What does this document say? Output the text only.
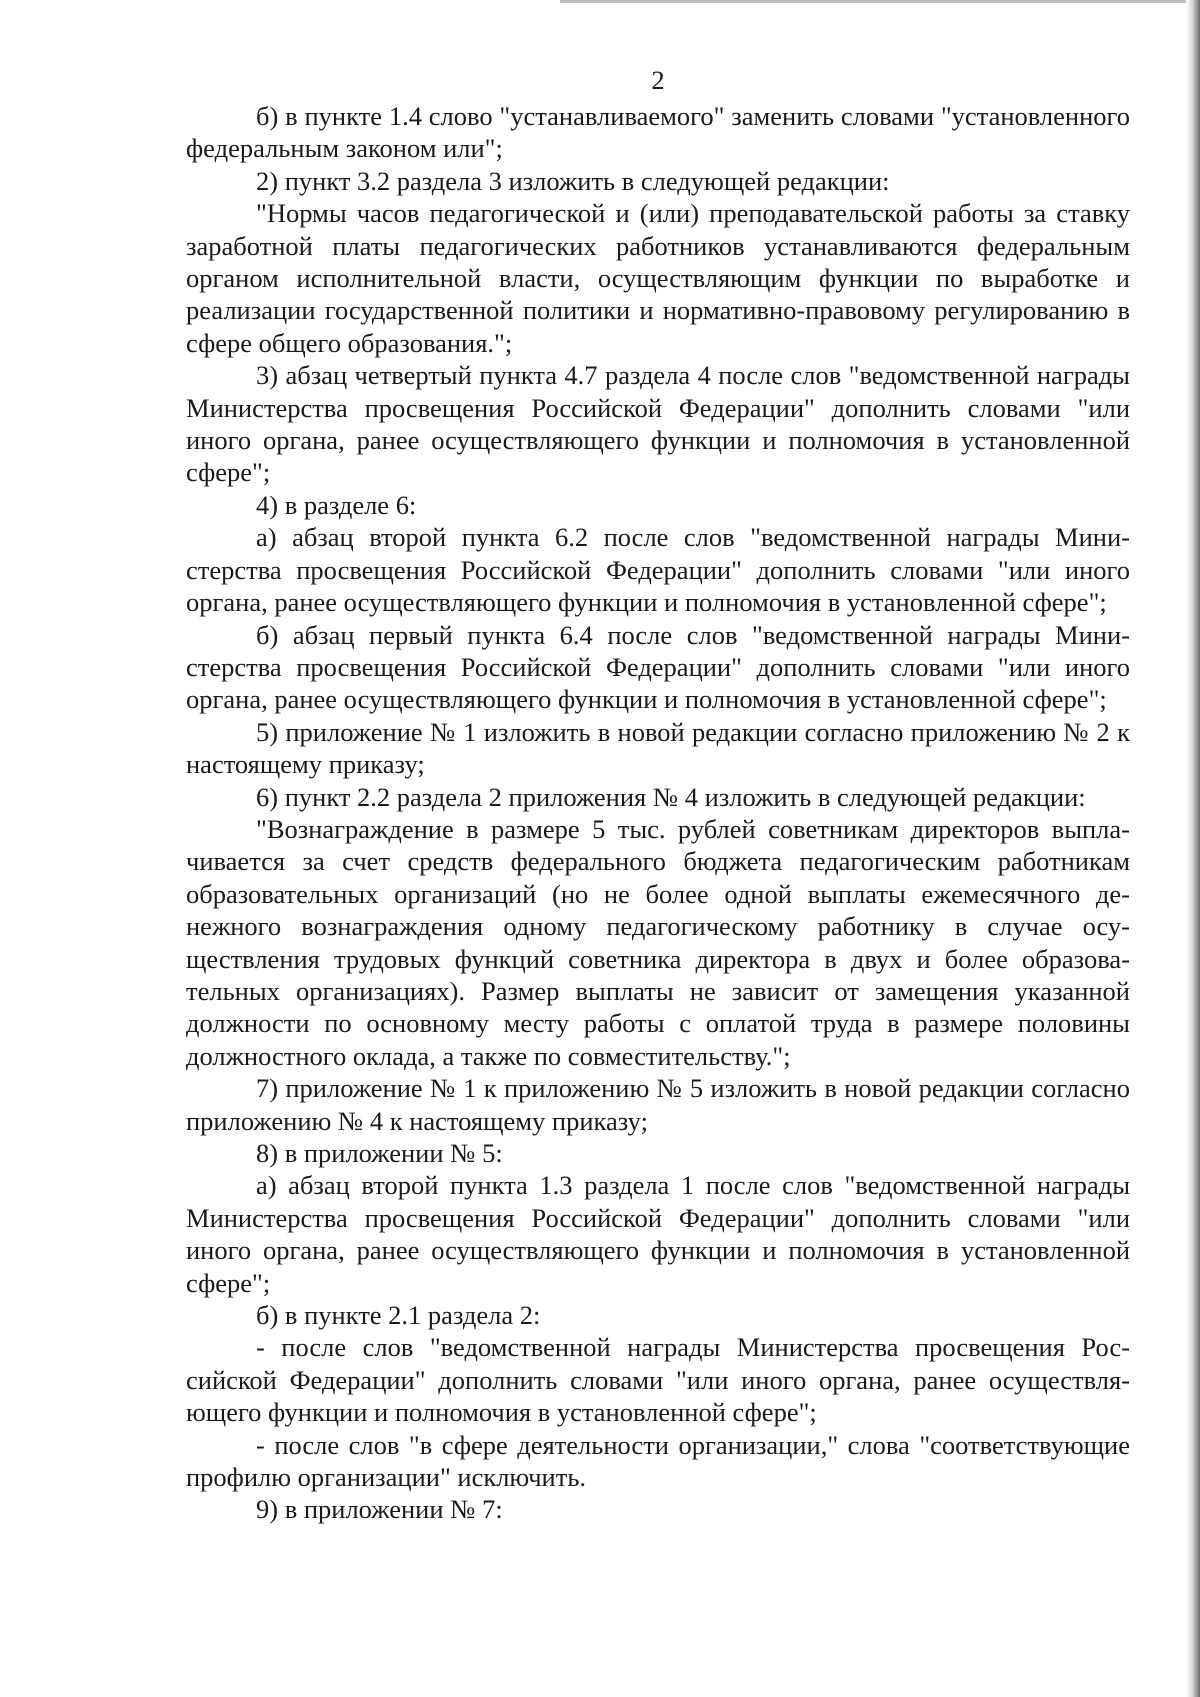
2

б) в пункте 1.4 слово "устанавливаемого" заменить словами "установленного федеральным законом или";

2) пункт 3.2 раздела 3 изложить в следующей редакции:

"Нормы часов педагогической и (или) преподавательской работы за ставку заработной платы педагогических работников устанавливаются федеральным органом исполнительной власти, осуществляющим функции по выработке и реализации государственной политики и нормативно-правовому регулированию в сфере общего образования.";

3) абзац четвертый пункта 4.7 раздела 4 после слов "ведомственной награды Министерства просвещения Российской Федерации" дополнить словами "или иного органа, ранее осуществляющего функции и полномочия в установленной сфере";

4) в разделе 6:

а) абзац второй пункта 6.2 после слов "ведомственной награды Министерства просвещения Российской Федерации" дополнить словами "или иного органа, ранее осуществляющего функции и полномочия в установленной сфере";

б) абзац первый пункта 6.4 после слов "ведомственной награды Министерства просвещения Российской Федерации" дополнить словами "или иного органа, ранее осуществляющего функции и полномочия в установленной сфере";

5) приложение № 1 изложить в новой редакции согласно приложению № 2 к настоящему приказу;

6) пункт 2.2 раздела 2 приложения № 4 изложить в следующей редакции:

"Вознаграждение в размере 5 тыс. рублей советникам директоров выплачивается за счет средств федерального бюджета педагогическим работникам образовательных организаций (но не более одной выплаты ежемесячного денежного вознаграждения одному педагогическому работнику в случае осуществления трудовых функций советника директора в двух и более образовательных организациях). Размер выплаты не зависит от замещения указанной должности по основному месту работы с оплатой труда в размере половины должностного оклада, а также по совместительству.";

7) приложение № 1 к приложению № 5 изложить в новой редакции согласно приложению № 4 к настоящему приказу;

8) в приложении № 5:

а) абзац второй пункта 1.3 раздела 1 после слов "ведомственной награды Министерства просвещения Российской Федерации" дополнить словами "или иного органа, ранее осуществляющего функции и полномочия в установленной сфере";

б) в пункте 2.1 раздела 2:

- после слов "ведомственной награды Министерства просвещения Российской Федерации" дополнить словами "или иного органа, ранее осуществляющего функции и полномочия в установленной сфере";

- после слов "в сфере деятельности организации," слова "соответствующие профилю организации" исключить.

9) в приложении № 7:
